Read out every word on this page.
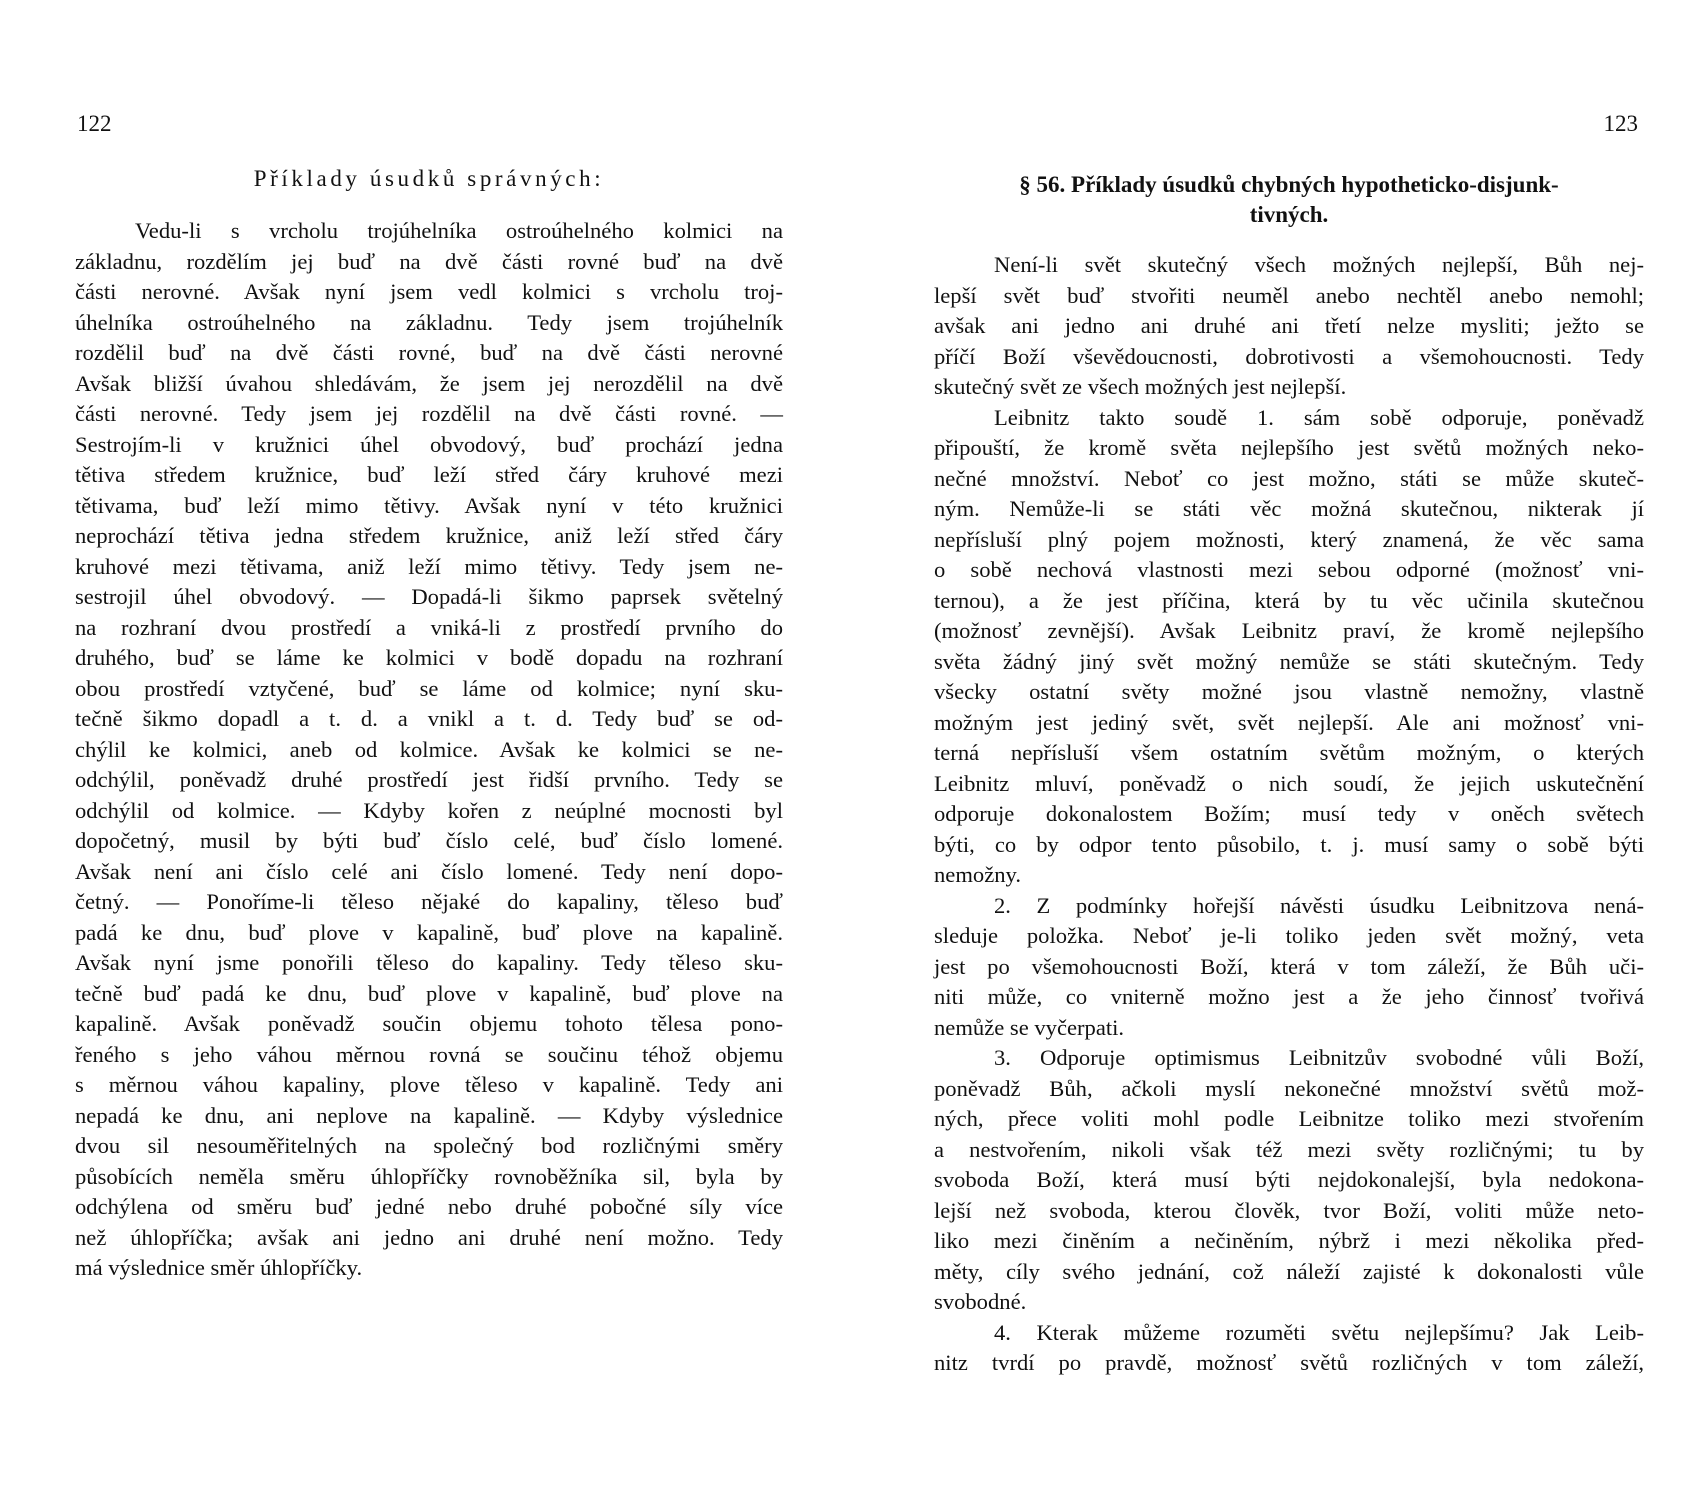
122
Příklady úsudků správných:
Vedu-li s vrcholu trojúhelníka ostroúhelného kolmici na
základnu, rozdělím jej buď na dvě části rovné buď na dvě
části nerovné. Avšak nyní jsem vedl kolmici s vrcholu troj-
úhelníka ostroúhelného na základnu. Tedy jsem trojúhelník
rozdělil buď na dvě části rovné, buď na dvě části nerovné
Avšak bližší úvahou shledávám, že jsem jej nerozdělil na dvě
části nerovné. Tedy jsem jej rozdělil na dvě části rovné. —
Sestrojím-li v kružnici úhel obvodový, buď prochází jedna
tětiva středem kružnice, buď leží střed čáry kruhové mezi
tětivama, buď leží mimo tětivy. Avšak nyní v této kružnici
neprochází tětiva jedna středem kružnice, aniž leží střed čáry
kruhové mezi tětivama, aniž leží mimo tětivy. Tedy jsem ne-
sestrojil úhel obvodový. — Dopadá-li šikmo paprsek světelný
na rozhraní dvou prostředí a vniká-li z prostředí prvního do
druhého, buď se láme ke kolmici v bodě dopadu na rozhraní
obou prostředí vztyčené, buď se láme od kolmice; nyní sku-
tečně šikmo dopadl a t. d. a vnikl a t. d. Tedy buď se od-
chýlil ke kolmici, aneb od kolmice. Avšak ke kolmici se ne-
odchýlil, poněvadž druhé prostředí jest řidší prvního. Tedy se
odchýlil od kolmice. — Kdyby kořen z neúplné mocnosti byl
dopočetný, musil by býti buď číslo celé, buď číslo lomené.
Avšak není ani číslo celé ani číslo lomené. Tedy není dopo-
četný. — Ponoříme-li těleso nějaké do kapaliny, těleso buď
padá ke dnu, buď plove v kapalině, buď plove na kapalině.
Avšak nyní jsme ponořili těleso do kapaliny. Tedy těleso sku-
tečně buď padá ke dnu, buď plove v kapalině, buď plove na
kapalině. Avšak poněvadž součin objemu tohoto tělesa pono-
řeného s jeho váhou měrnou rovná se součinu téhož objemu
s měrnou váhou kapaliny, plove těleso v kapalině. Tedy ani
nepadá ke dnu, ani neplove na kapalině. — Kdyby výslednice
dvou sil nesouměřitelných na společný bod rozličnými směry
působících neměla směru úhlopříčky rovnoběžníka sil, byla by
odchýlena od směru buď jedné nebo druhé pobočné síly více
než úhlopříčka; avšak ani jedno ani druhé není možno. Tedy
má výslednice směr úhlopříčky.
123
§ 56. Příklady úsudků chybných hypotheticko-disjunk-
tivných.
Není-li svět skutečný všech možných nejlepší, Bůh nej-
lepší svět buď stvořiti neuměl anebo nechtěl anebo nemohl;
avšak ani jedno ani druhé ani třetí nelze mysliti; ježto se
příčí Boží vševědoucnosti, dobrotivosti a všemohoucnosti. Tedy
skutečný svět ze všech možných jest nejlepší.
Leibnitz takto soudě 1. sám sobě odporuje, poněvadž
připouští, že kromě světa nejlepšího jest světů možných neko-
nečné množství. Neboť co jest možno, státi se může skuteč-
ným. Nemůže-li se státi věc možná skutečnou, nikterak jí
nepřísluší plný pojem možnosti, který znamená, že věc sama
o sobě nechová vlastnosti mezi sebou odporné (možnosť vni-
ternou), a že jest příčina, která by tu věc učinila skutečnou
(možnosť zevnější). Avšak Leibnitz praví, že kromě nejlepšího
světa žádný jiný svět možný nemůže se státi skutečným. Tedy
všecky ostatní světy možné jsou vlastně nemožny, vlastně
možným jest jediný svět, svět nejlepší. Ale ani možnosť vni-
terná nepřísluší všem ostatním světům možným, o kterých
Leibnitz mluví, poněvadž o nich soudí, že jejich uskutečnění
odporuje dokonalostem Božím; musí tedy v oněch světech
býti, co by odpor tento působilo, t. j. musí samy o sobě býti
nemožny.
2. Z podmínky hořejší návěsti úsudku Leibnitzova nená-
sleduje položka. Neboť je-li toliko jeden svět možný, veta
jest po všemohoucnosti Boží, která v tom záleží, že Bůh uči-
niti může, co vniterně možno jest a že jeho činnosť tvořivá
nemůže se vyčerpati.
3. Odporuje optimismus Leibnitzův svobodné vůli Boží,
poněvadž Bůh, ačkoli myslí nekonečné množství světů mož-
ných, přece voliti mohl podle Leibnitze toliko mezi stvořením
a nestvořením, nikoli však též mezi světy rozličnými; tu by
svoboda Boží, která musí býti nejdokonalejší, byla nedokona-
lejší než svoboda, kterou člověk, tvor Boží, voliti může neto-
liko mezi činěním a nečiněním, nýbrž i mezi několika před-
měty, cíly svého jednání, což náleží zajisté k dokonalosti vůle
svobodné.
4. Kterak můžeme rozuměti světu nejlepšímu? Jak Leib-
nitz tvrdí po pravdě, možnosť světů rozličných v tom záleží,
